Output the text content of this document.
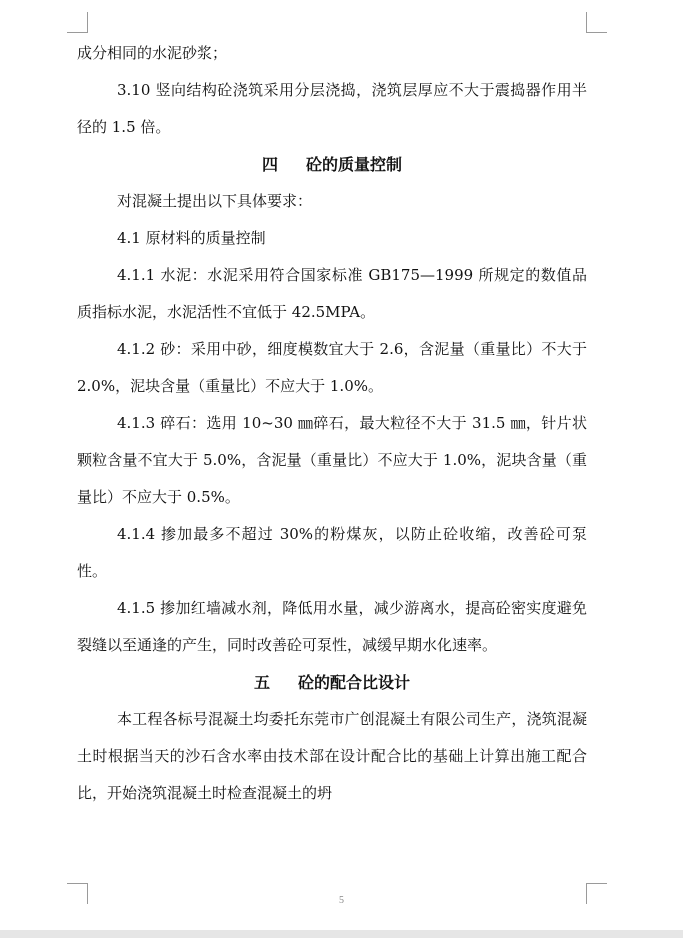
成分相同的水泥砂浆；

3.10 竖向结构砼浇筑采用分层浇捣，浇筑层厚应不大于震捣器作用半径的 1.5 倍。

四 砼的质量控制

对混凝土提出以下具体要求：

4.1 原材料的质量控制

4.1.1 水泥：水泥采用符合国家标准 GB175—1999 所规定的数值品质指标水泥，水泥活性不宜低于 42.5MPA。

4.1.2 砂：采用中砂，细度模数宜大于 2.6，含泥量（重量比）不大于 2.0%，泥块含量（重量比）不应大于 1.0%。

4.1.3 碎石：选用 10~30 ㎜碎石，最大粒径不大于 31.5 ㎜，针片状颗粒含量不宜大于 5.0%，含泥量（重量比）不应大于 1.0%，泥块含量（重量比）不应大于 0.5%。

4.1.4 掺加最多不超过 30%的粉煤灰，以防止砼收缩，改善砼可泵性。

4.1.5 掺加红墙减水剂，降低用水量，减少游离水，提高砼密实度避免裂缝以至通逢的产生，同时改善砼可泵性，减缓早期水化速率。

五 砼的配合比设计

本工程各标号混凝土均委托东莞市广创混凝土有限公司生产，浇筑混凝土时根据当天的沙石含水率由技术部在设计配合比的基础上计算出施工配合比，开始浇筑混凝土时检查混凝土的坍

5
